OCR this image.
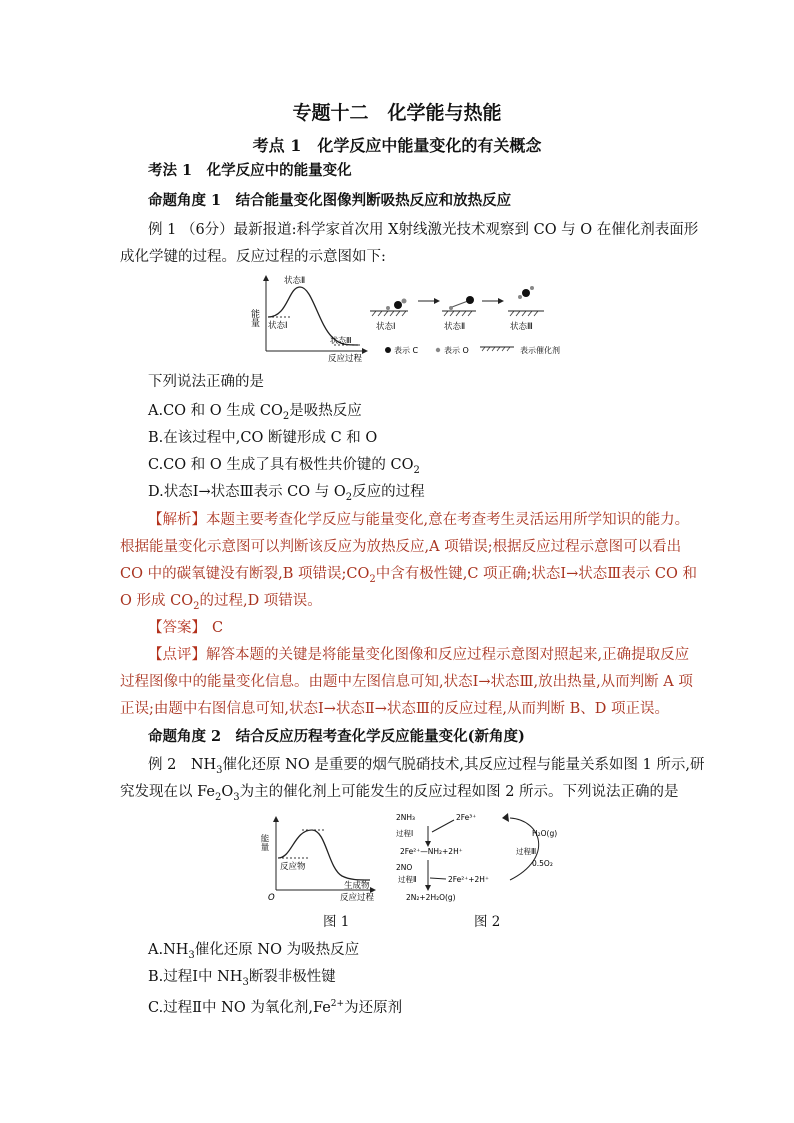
专题十二　化学能与热能
考点 1　化学反应中能量变化的有关概念
考法 1　化学反应中的能量变化
命题角度 1　结合能量变化图像判断吸热反应和放热反应
例 1 （6分）最新报道:科学家首次用 X射线激光技术观察到 CO 与 O 在催化剂表面形
成化学键的过程。反应过程的示意图如下:
能量
状态Ⅱ
状态Ⅰ
状态Ⅲ
反应过程
状态Ⅰ	状态Ⅱ	状态Ⅲ
表示 C	表示 O	表示催化剂
下列说法正确的是
A.CO 和 O 生成 $CO_2$是吸热反应
B.在该过程中,CO 断键形成 C 和 O
C.CO 和 O 生成了具有极性共价键的 $CO_2$
D.状态Ⅰ→状态Ⅲ表示 CO 与 $O_2$反应的过程
【解析】本题主要考查化学反应与能量变化,意在考查考生灵活运用所学知识的能力。
根据能量变化示意图可以判断该反应为放热反应,A 项错误;根据反应过程示意图可以看出
CO 中的碳氧键没有断裂,B 项错误$;CO_2$中含有极性键,C 项正确;状态Ⅰ→状态Ⅲ表示 CO 和
O 形成 $CO_2$的过程,D 项错误。
【答案】 C
【点评】解答本题的关键是将能量变化图像和反应过程示意图对照起来,正确提取反应
过程图像中的能量变化信息。由题中左图信息可知,状态Ⅰ→状态Ⅲ,放出热量,从而判断 A 项
正误;由题中右图信息可知,状态Ⅰ→状态Ⅱ→状态Ⅲ的反应过程,从而判断 B、D 项正误。
命题角度 2　结合反应历程考查化学反应能量变化(新角度)
例 2　$NH_3$催化还原 NO 是重要的烟气脱硝技术,其反应过程与能量关系如图 1 所示,研
究发现在以 $Fe_2O_3$为主的催化剂上可能发生的反应过程如图 2 所示。下列说法正确的是
能量
反应物
生成物
O	反应过程
图 1
2NH₃
过程Ⅰ
2Fe³⁺
2Fe²⁺—NH₂+2H⁺
2NO
过程Ⅱ	2Fe²⁺+2H⁺
2N₂+2H₂O(g)
H₂O(g)
过程Ⅲ
0.5O₂
图 2
$A.NH_3$催化还原 NO 为吸热反应
B.过程Ⅰ中 $NH_3$断裂非极性键
C.过程Ⅱ中 NO 为氧化剂$,Fe^{2+}$为还原剂
